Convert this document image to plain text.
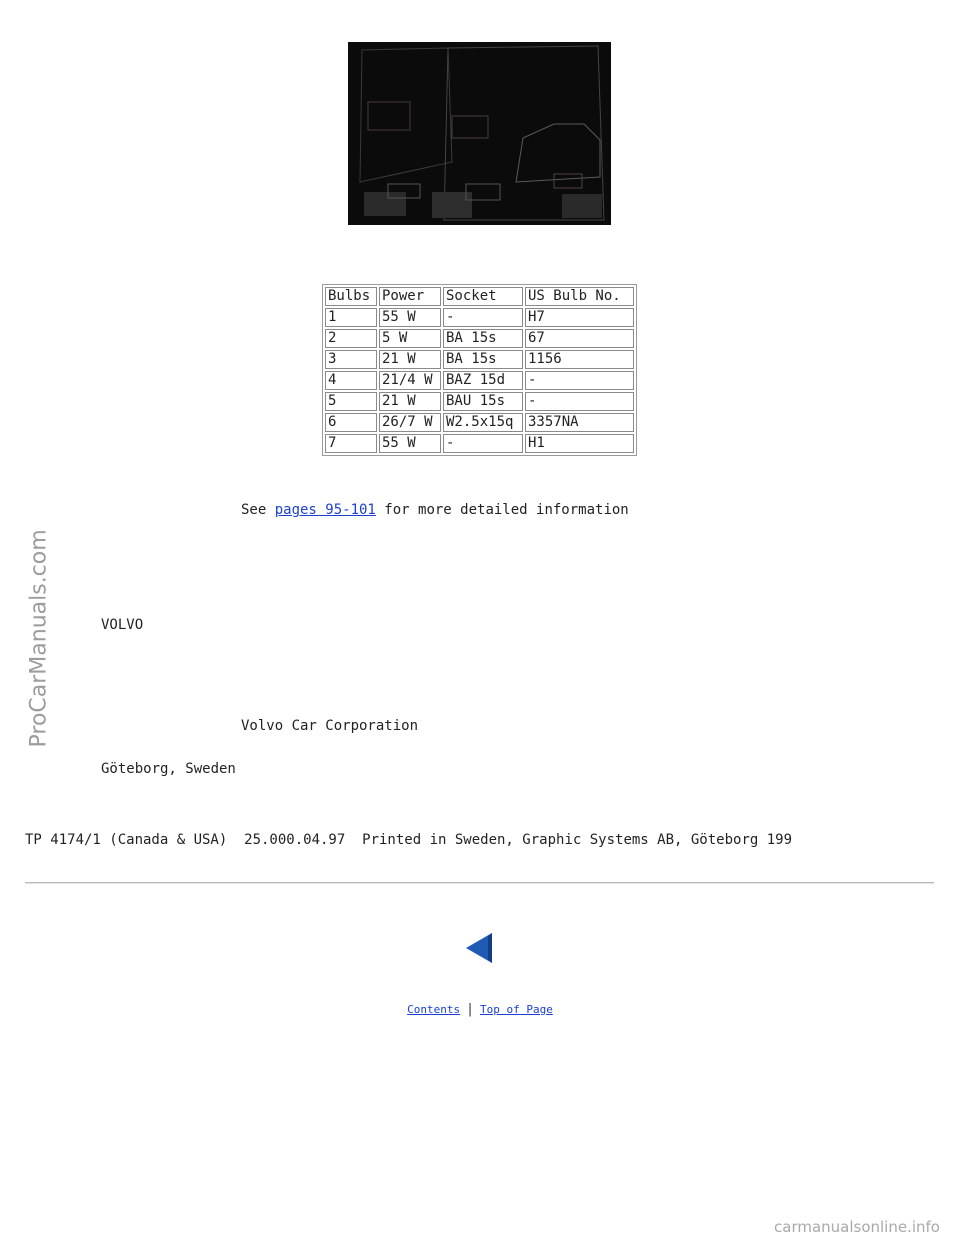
Bulbs	Power	Socket	US Bulb No.
1	55 W	-	H7
2	5 W	BA 15s	67
3	21 W	BA 15s	1156
4	21/4 W	BAZ 15d	-
5	21 W	BAU 15s	-
6	26/7 W	W2.5x15q	3357NA
7	55 W	-	H1
See pages 95-101 for more detailed information
VOLVO
Volvo Car Corporation
Göteborg, Sweden
TP 4174/1 (Canada & USA)  25.000.04.97  Printed in Sweden, Graphic Systems AB, Göteborg 199
Contents | Top of Page
ProCarManuals.com
carmanualsonline.info
